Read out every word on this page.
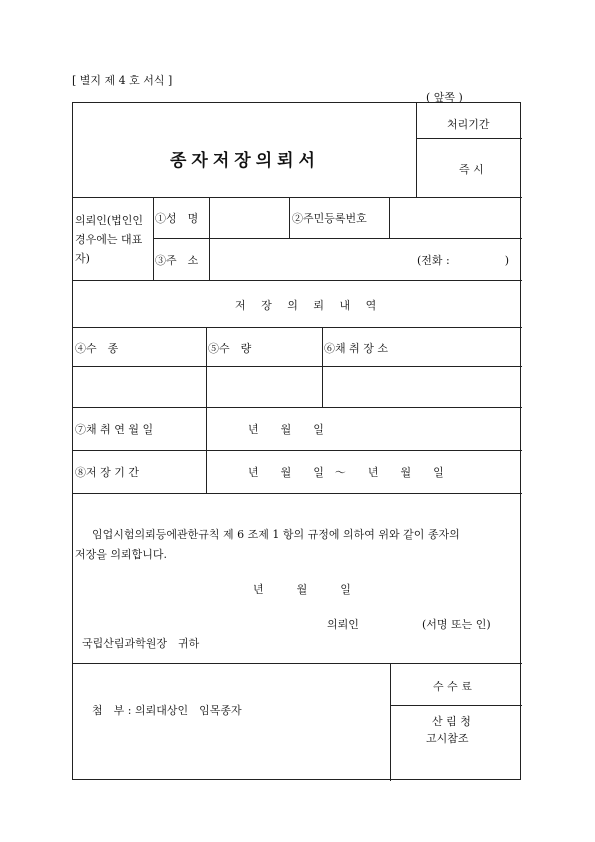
[ 별지 제 4 호 서식 ]
( 앞쪽 )
종자저장의뢰서
처리기간
즉 시
의뢰인(법인인
경우에는 대표
자)
①성　명	②주민등록번호
③주　소	(전화 :　　　　　)
저 장 의 뢰 내 역
④수　종	⑤수　량	⑥채 취 장 소
⑦채 취 연 월 일	년　　월　　일
⑧저 장 기 간	년　　월　　일　～　　년　　월　　일
임업시험의뢰등에관한규칙 제 6 조제 1 항의 규정에 의하여 위와 같이 종자의
저장을 의뢰합니다.
년　　　월　　　일
의뢰인	(서명 또는 인)
국립산림과학원장　귀하
첨　부 : 의뢰대상인　임목종자
수 수 료
산 림 청
고시참조
